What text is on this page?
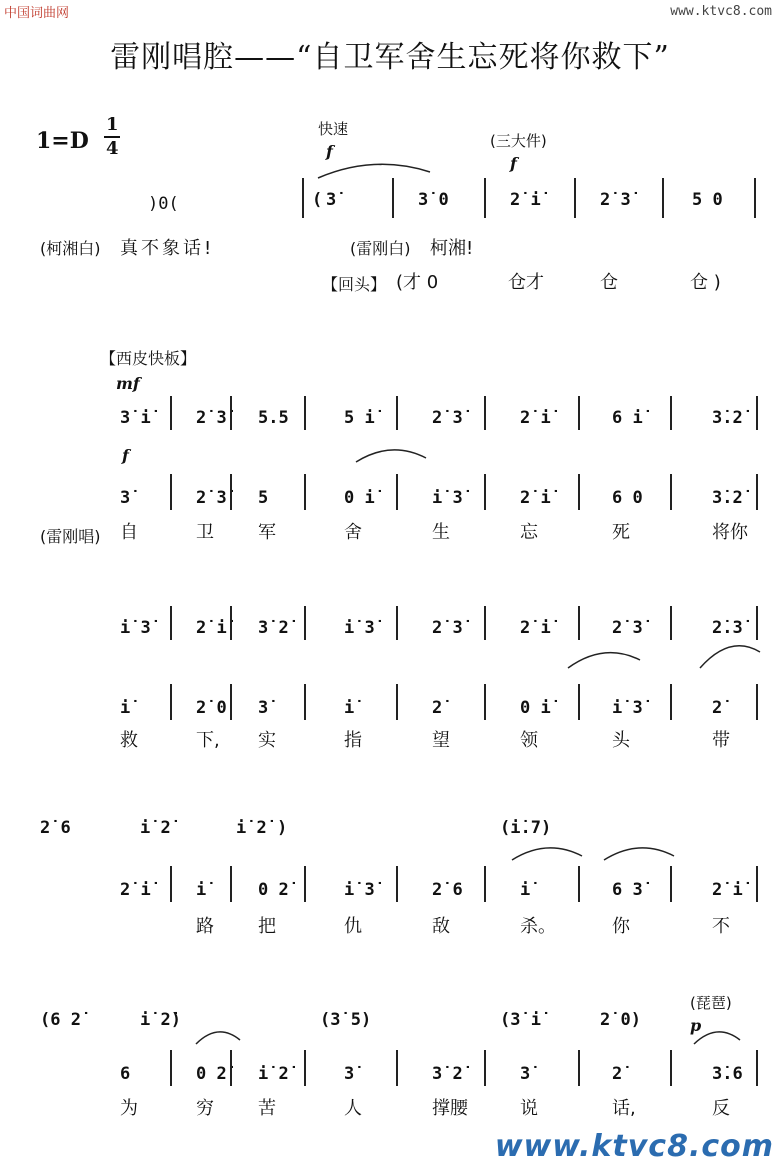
中国词曲网	www.ktvc8.com
www.ktvc8.com
雷刚唱腔——“自卫军舍生忘死将你救下”
1=D
1
4
快速
f
(三大件)
f
)0(	( 3̇	3̇ 0	2̇ i̇	2̇ 3̇	5 0
(柯湘白) 真不象话!	(雷刚白) 柯湘!
【回头】 (才 0	仓才	仓	仓 )
【西皮快板】
mf
3̇ i̇	2̇ 3̇ 5.5	5 i̇	2̇ 3̇	2̇ i̇	6 i̇	3̇.2̇
3̇	2̇ 3̇ 5	0 i̇	i̇ 3̇	2̇ i̇	6 0	3̇.2̇
自	卫 军	舍	生	忘	死	将你
i̇ 3̇	2̇ i̇ 3̇ 2̇	i̇ 3̇	2̇ 3̇	2̇ i̇	2̇ 3̇	2̇.3̇
i̇	2̇ 0 3̇	i̇	2̇	0 i̇	i̇ 3̇	2̇
救	下, 实	指	望	领	头	带
2̇ 6	i̇ 2̇	i̇ 2̇ )	(i̇.7)
2̇ i̇	i̇	0 2̇	i̇ 3̇	2̇ 6	i̇	6 3̇	2̇ i̇
路 把	仇	敌	杀。	你	不
(6 2̇	i̇ 2̇)	(3̇ 5)	(3̇ i̇	2̇ 0)
6	0 2̇ i̇ 2̇	3̇	3̇ 2̇	3̇	2̇	3̇.6
为	穷 苦	人	撑腰	说	话,	反
f
(雷刚唱)
(琵琶)
p
